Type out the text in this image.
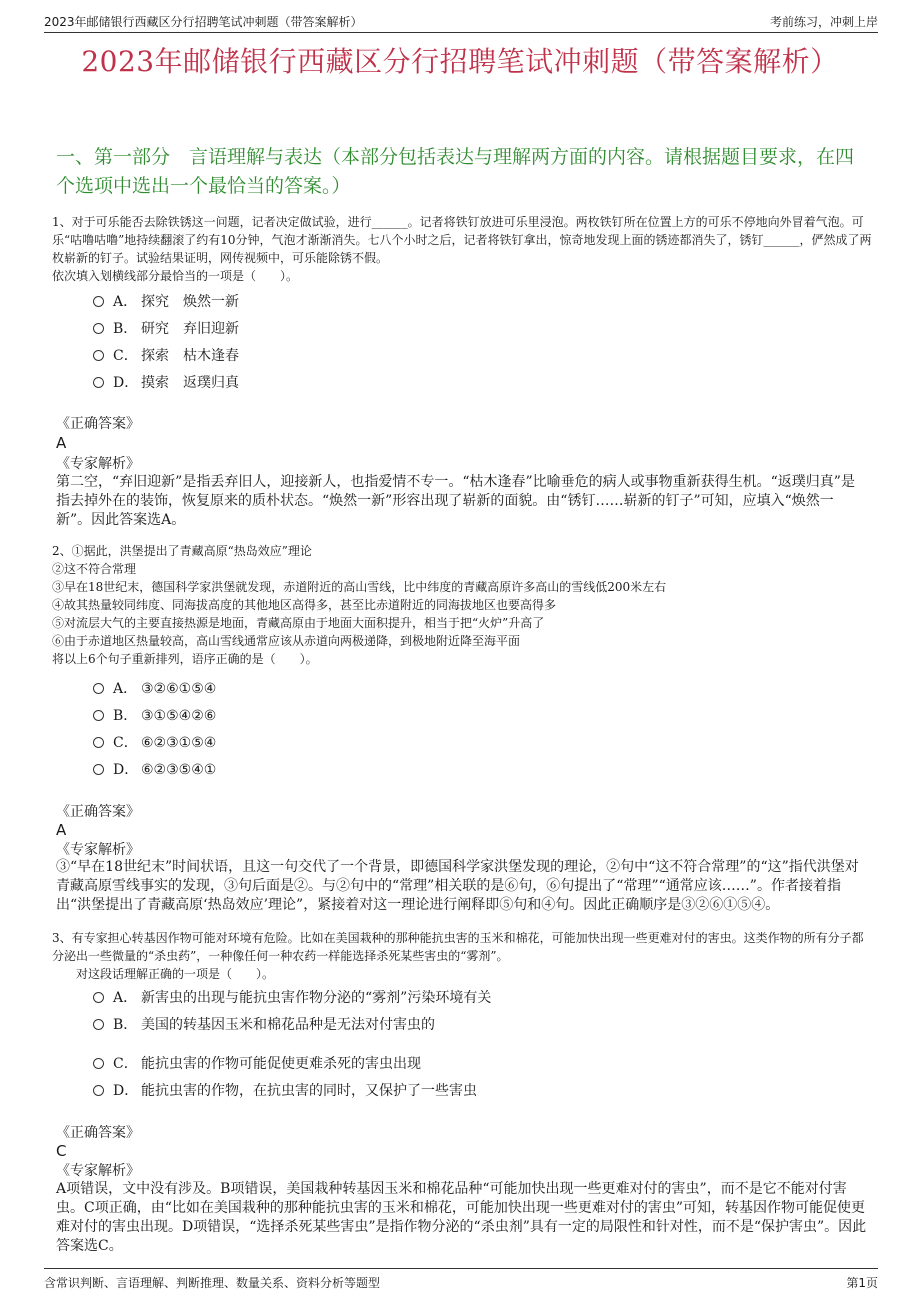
2023年邮储银行西藏区分行招聘笔试冲刺题（带答案解析）	考前练习，冲刺上岸
2023年邮储银行西藏区分行招聘笔试冲刺题（带答案解析）
一、第一部分　言语理解与表达（本部分包括表达与理解两方面的内容。请根据题目要求，在四个选项中选出一个最恰当的答案。）
1、对于可乐能否去除铁锈这一问题，记者决定做试验，进行______。记者将铁钉放进可乐里浸泡。两枚铁钉所在位置上方的可乐不停地向外冒着气泡。可乐“咕噜咕噜”地持续翻滚了约有10分钟，气泡才渐渐消失。七八个小时之后，记者将铁钉拿出，惊奇地发现上面的锈迹都消失了，锈钉______，俨然成了两枚崭新的钉子。试验结果证明，网传视频中，可乐能除锈不假。
依次填入划横线部分最恰当的一项是（　　）。
A． 探究　焕然一新
B． 研究　弃旧迎新
C． 探索　枯木逢春
D． 摸索　返璞归真
《正确答案》
A
《专家解析》
第二空，“弃旧迎新”是指丢弃旧人，迎接新人，也指爱情不专一。“枯木逢春”比喻垂危的病人或事物重新获得生机。“返璞归真”是指去掉外在的装饰，恢复原来的质朴状态。“焕然一新”形容出现了崭新的面貌。由“锈钉……崭新的钉子”可知，应填入“焕然一新”。因此答案选A。
2、①据此，洪堡提出了青藏高原“热岛效应”理论
②这不符合常理
③早在18世纪末，德国科学家洪堡就发现，赤道附近的高山雪线，比中纬度的青藏高原许多高山的雪线低200米左右
④故其热量较同纬度、同海拔高度的其他地区高得多，甚至比赤道附近的同海拔地区也要高得多
⑤对流层大气的主要直接热源是地面，青藏高原由于地面大面积提升，相当于把“火炉”升高了
⑥由于赤道地区热量较高，高山雪线通常应该从赤道向两极递降，到极地附近降至海平面
将以上6个句子重新排列，语序正确的是（　　）。
A． ③②⑥①⑤④
B． ③①⑤④②⑥
C． ⑥②③①⑤④
D． ⑥②③⑤④①
《正确答案》
A
《专家解析》
③“早在18世纪末”时间状语，且这一句交代了一个背景，即德国科学家洪堡发现的理论，②句中“这不符合常理”的“这”指代洪堡对青藏高原雪线事实的发现，③句后面是②。与②句中的“常理”相关联的是⑥句，⑥句提出了“常理”“通常应该……”。作者接着指出“洪堡提出了青藏高原‘热岛效应’理论”，紧接着对这一理论进行阐释即⑤句和④句。因此正确顺序是③②⑥①⑤④。
3、有专家担心转基因作物可能对环境有危险。比如在美国栽种的那种能抗虫害的玉米和棉花，可能加快出现一些更难对付的害虫。这类作物的所有分子都分泌出一些微量的“杀虫药”，一种像任何一种农药一样能选择杀死某些害虫的“雾剂”。
　　对这段话理解正确的一项是（　　）。
A． 新害虫的出现与能抗虫害作物分泌的“雾剂”污染环境有关
B． 美国的转基因玉米和棉花品种是无法对付害虫的
C． 能抗虫害的作物可能促使更难杀死的害虫出现
D． 能抗虫害的作物，在抗虫害的同时，又保护了一些害虫
《正确答案》
C
《专家解析》
A项错误，文中没有涉及。B项错误，美国栽种转基因玉米和棉花品种“可能加快出现一些更难对付的害虫”，而不是它不能对付害虫。C项正确，由“比如在美国栽种的那种能抗虫害的玉米和棉花，可能加快出现一些更难对付的害虫”可知，转基因作物可能促使更难对付的害虫出现。D项错误，“选择杀死某些害虫”是指作物分泌的“杀虫剂”具有一定的局限性和针对性，而不是“保护害虫”。因此答案选C。
含常识判断、言语理解、判断推理、数量关系、资料分析等题型	第1页
